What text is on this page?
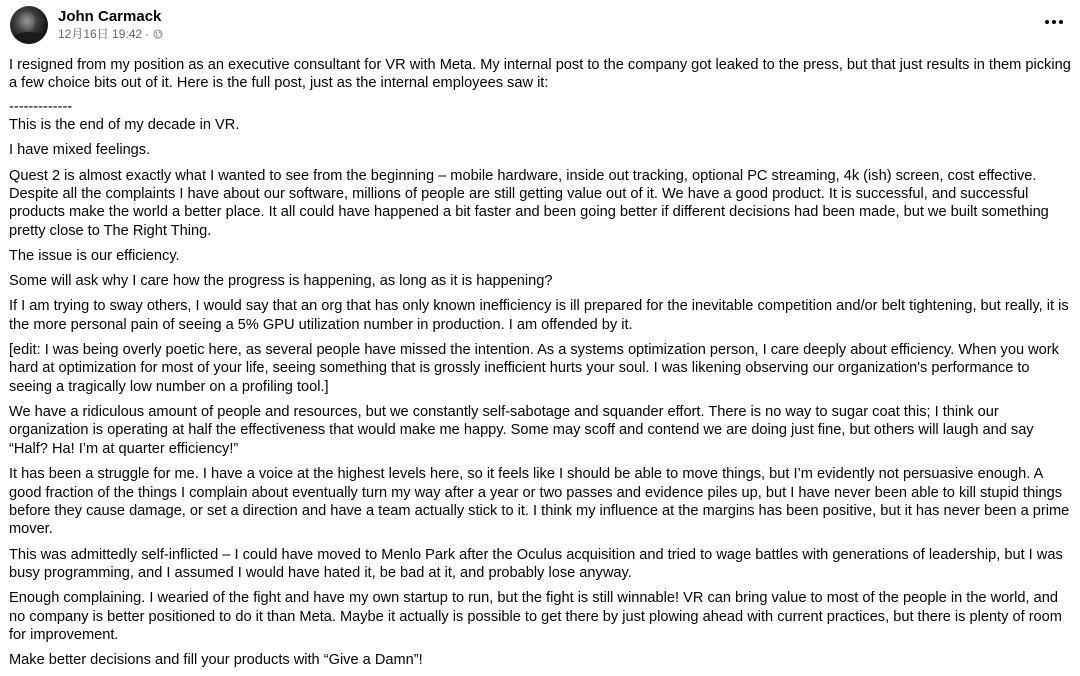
John Carmack
12月16日 19:42 ·

I resigned from my position as an executive consultant for VR with Meta. My internal post to the company got leaked to the press, but that just results in them picking a few choice bits out of it. Here is the full post, just as the internal employees saw it:

-------------

This is the end of my decade in VR.

I have mixed feelings.

Quest 2 is almost exactly what I wanted to see from the beginning – mobile hardware, inside out tracking, optional PC streaming, 4k (ish) screen, cost effective. Despite all the complaints I have about our software, millions of people are still getting value out of it. We have a good product. It is successful, and successful products make the world a better place. It all could have happened a bit faster and been going better if different decisions had been made, but we built something pretty close to The Right Thing.

The issue is our efficiency.

Some will ask why I care how the progress is happening, as long as it is happening?

If I am trying to sway others, I would say that an org that has only known inefficiency is ill prepared for the inevitable competition and/or belt tightening, but really, it is the more personal pain of seeing a 5% GPU utilization number in production. I am offended by it.

[edit: I was being overly poetic here, as several people have missed the intention. As a systems optimization person, I care deeply about efficiency. When you work hard at optimization for most of your life, seeing something that is grossly inefficient hurts your soul. I was likening observing our organization's performance to seeing a tragically low number on a profiling tool.]

We have a ridiculous amount of people and resources, but we constantly self-sabotage and squander effort. There is no way to sugar coat this; I think our organization is operating at half the effectiveness that would make me happy. Some may scoff and contend we are doing just fine, but others will laugh and say “Half? Ha! I’m at quarter efficiency!”

It has been a struggle for me. I have a voice at the highest levels here, so it feels like I should be able to move things, but I’m evidently not persuasive enough. A good fraction of the things I complain about eventually turn my way after a year or two passes and evidence piles up, but I have never been able to kill stupid things before they cause damage, or set a direction and have a team actually stick to it. I think my influence at the margins has been positive, but it has never been a prime mover.

This was admittedly self-inflicted – I could have moved to Menlo Park after the Oculus acquisition and tried to wage battles with generations of leadership, but I was busy programming, and I assumed I would have hated it, be bad at it, and probably lose anyway.

Enough complaining. I wearied of the fight and have my own startup to run, but the fight is still winnable! VR can bring value to most of the people in the world, and no company is better positioned to do it than Meta. Maybe it actually is possible to get there by just plowing ahead with current practices, but there is plenty of room for improvement.

Make better decisions and fill your products with “Give a Damn”!
